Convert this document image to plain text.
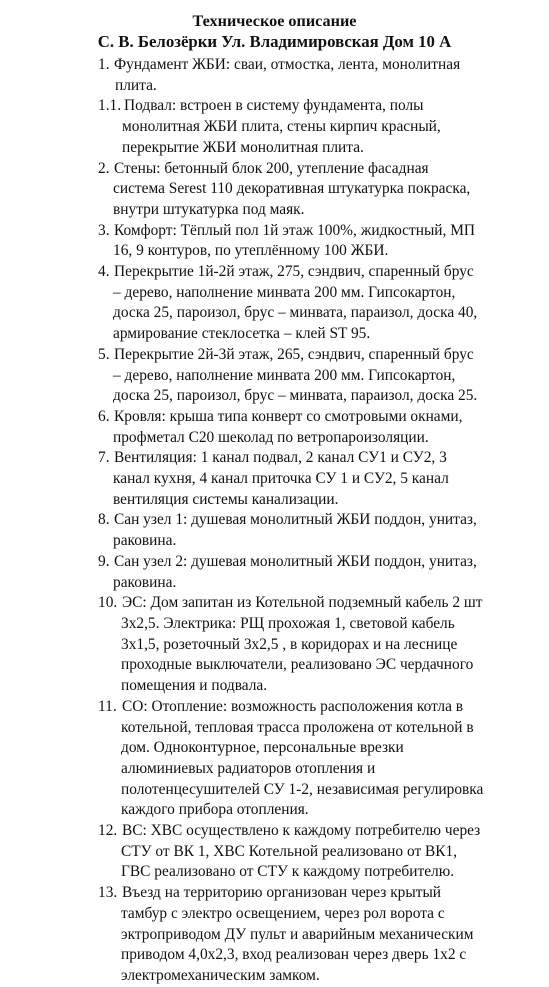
Техническое описание
С. В. Белозёрки Ул. Владимировская Дом 10 А
1. Фундамент ЖБИ: сваи, отмостка, лента, монолитная
плита.
1.1. Подвал: встроен в систему фундамента, полы
монолитная ЖБИ плита, стены кирпич красный,
перекрытие ЖБИ монолитная плита.
2. Стены: бетонный блок 200, утепление фасадная
система Serest 110 декоративная штукатурка покраска,
внутри штукатурка под маяк.
3. Комфорт: Тёплый пол 1й этаж 100%, жидкостный, МП
16, 9 контуров, по утеплённому 100 ЖБИ.
4. Перекрытие 1й-2й этаж, 275, сэндвич, спаренный брус
– дерево, наполнение минвата 200 мм. Гипсокартон,
доска 25, пароизол, брус – минвата, параизол, доска 40,
армирование стеклосетка – клей ST 95.
5. Перекрытие 2й-3й этаж, 265, сэндвич, спаренный брус
– дерево, наполнение минвата 200 мм. Гипсокартон,
доска 25, пароизол, брус – минвата, параизол, доска 25.
6. Кровля: крыша типа конверт со смотровыми окнами,
профметал С20 шеколад по ветропароизоляции.
7. Вентиляция: 1 канал подвал, 2 канал СУ1 и СУ2, 3
канал кухня, 4 канал приточка СУ 1 и СУ2, 5 канал
вентиляция системы канализации.
8. Сан узел 1: душевая монолитный ЖБИ поддон, унитаз,
раковина.
9. Сан узел 2: душевая монолитный ЖБИ поддон, унитаз,
раковина.
10. ЭС: Дом запитан из Котельной подземный кабель 2 шт
3х2,5. Электрика: РЩ прохожая 1, световой кабель
3х1,5, розеточный 3х2,5 , в коридорах и на леснице
проходные выключатели, реализовано ЭС чердачного
помещения и подвала.
11. СО: Отопление: возможность расположения котла в
котельной, тепловая трасса проложена от котельной в
дом. Одноконтурное, персональные врезки
алюминиевых радиаторов отопления и
полотенцесушителей СУ 1-2, независимая регулировка
каждого прибора отопления.
12. ВС: ХВС осуществлено к каждому потребителю через
СТУ от ВК 1, ХВС Котельной реализовано от ВК1,
ГВС реализовано от СТУ к каждому потребителю.
13. Въезд на территорию организован через крытый
тамбур с электро освещением, через рол ворота с
эктроприводом ДУ пульт и аварийным механическим
приводом 4,0х2,3, вход реализован через дверь 1х2 с
электромеханическим замком.
